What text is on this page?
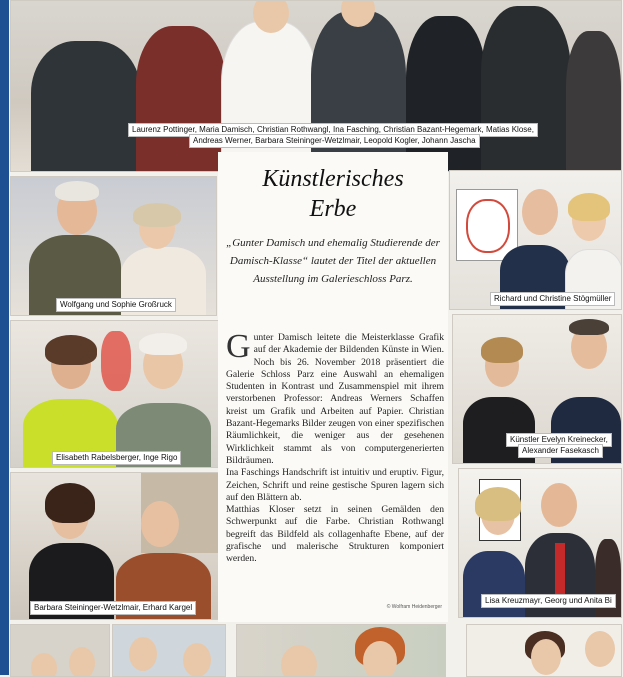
Laurenz Pottinger, Maria Damisch, Christian Rothwangl, Ina Fasching, Christian Bazant-Hegemark, Matias Klose,
Andreas Werner, Barbara Steininger-Wetzlmair, Leopold Kogler, Johann Jascha
Wolfgang und Sophie Großruck
Elisabeth Rabelsberger, Inge Rigo
Barbara Steininger-Wetzlmair, Erhard Kargel
Richard und Christine Stögmüller
Künstler Evelyn Kreinecker,
Alexander Fasekasch
Lisa Kreuzmayr, Georg und Anita Bi
Künstlerisches
Erbe
„Gunter Damisch und ehemalig Studierende der Damisch-Klasse“ lautet der Titel der aktuellen Ausstellung im Galerieschloss Parz.
G unter Damisch leitete die Meisterklasse Grafik auf der Akademie der Bildenden Künste in Wien. Noch bis 26. November 2018 präsentiert die Galerie Schloss Parz eine Auswahl an ehemaligen Studenten in Kontrast und Zusammenspiel mit ihrem verstorbenen Professor: Andreas Werners Schaffen kreist um Grafik und Arbeiten auf Papier. Christian Bazant-Hegemarks Bilder zeugen von einer spezifischen Räumlichkeit, die weniger aus der gesehenen Wirklichkeit stammt als von computergenerierten Bildräumen.

Ina Faschings Handschrift ist intuitiv und eruptiv. Figur, Zeichen, Schrift und reine gestische Spuren lagern sich auf den Blättern ab.

Matthias Kloser setzt in seinen Gemälden den Schwerpunkt auf die Farbe. Christian Rothwangl begreift das Bildfeld als collagenhafte Ebene, auf der grafische und malerische Strukturen komponiert werden.

© Wolfram Heidenberger
